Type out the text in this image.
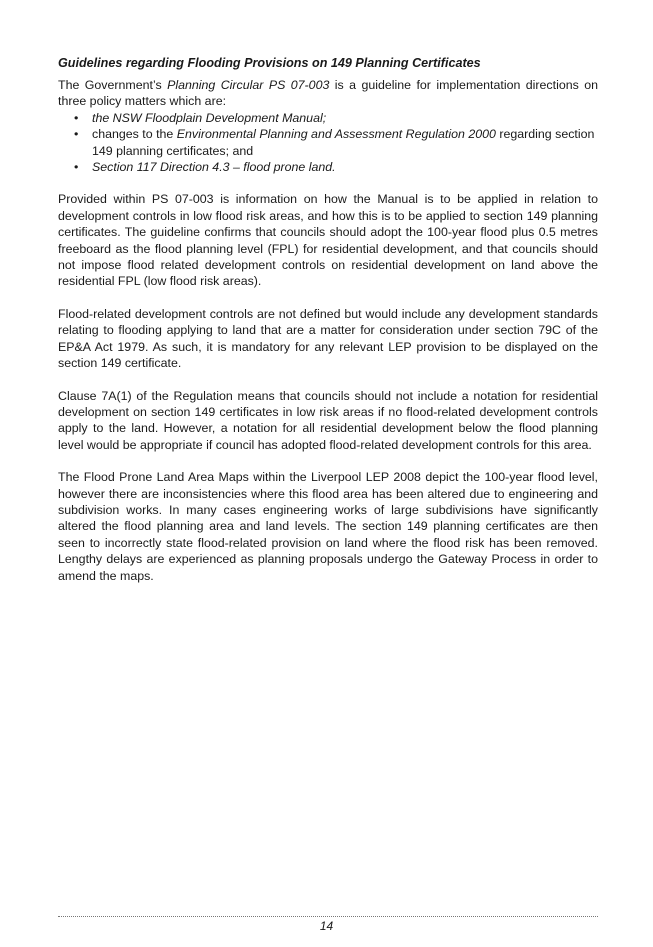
Guidelines regarding Flooding Provisions on 149 Planning Certificates

The Government’s Planning Circular PS 07-003 is a guideline for implementation directions on three policy matters which are:

• the NSW Floodplain Development Manual;
• changes to the Environmental Planning and Assessment Regulation 2000 regarding section 149 planning certificates; and
• Section 117 Direction 4.3 – flood prone land.

Provided within PS 07-003 is information on how the Manual is to be applied in relation to development controls in low flood risk areas, and how this is to be applied to section 149 planning certificates. The guideline confirms that councils should adopt the 100-year flood plus 0.5 metres freeboard as the flood planning level (FPL) for residential development, and that councils should not impose flood related development controls on residential development on land above the residential FPL (low flood risk areas).

Flood-related development controls are not defined but would include any development standards relating to flooding applying to land that are a matter for consideration under section 79C of the EP&A Act 1979. As such, it is mandatory for any relevant LEP provision to be displayed on the section 149 certificate.

Clause 7A(1) of the Regulation means that councils should not include a notation for residential development on section 149 certificates in low risk areas if no flood-related development controls apply to the land. However, a notation for all residential development below the flood planning level would be appropriate if council has adopted flood-related development controls for this area.

The Flood Prone Land Area Maps within the Liverpool LEP 2008 depict the 100-year flood level, however there are inconsistencies where this flood area has been altered due to engineering and subdivision works. In many cases engineering works of large subdivisions have significantly altered the flood planning area and land levels. The section 149 planning certificates are then seen to incorrectly state flood-related provision on land where the flood risk has been removed. Lengthy delays are experienced as planning proposals undergo the Gateway Process in order to amend the maps.

14
